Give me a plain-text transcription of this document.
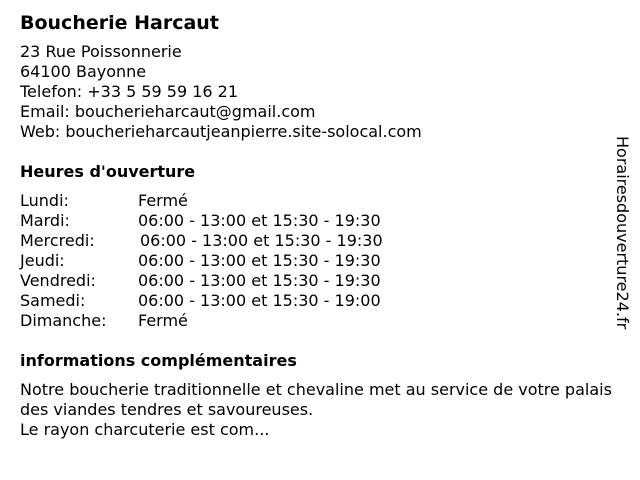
Boucherie Harcaut
23 Rue Poissonnerie
64100 Bayonne
Telefon: +33 5 59 59 16 21
Email: boucherieharcaut@gmail.com
Web: boucherieharcautjeanpierre.site-solocal.com
Heures d'ouverture
Lundi:	Fermé
Mardi:	06:00 - 13:00 et 15:30 - 19:30
Mercredi:	06:00 - 13:00 et 15:30 - 19:30
Jeudi:	06:00 - 13:00 et 15:30 - 19:30
Vendredi:	06:00 - 13:00 et 15:30 - 19:30
Samedi:	06:00 - 13:00 et 15:30 - 19:00
Dimanche:	Fermé
informations complémentaires
Notre boucherie traditionnelle et chevaline met au service de votre palais des viandes tendres et savoureuses.
Le rayon charcuterie est com...
Horairesdouverture24.fr
